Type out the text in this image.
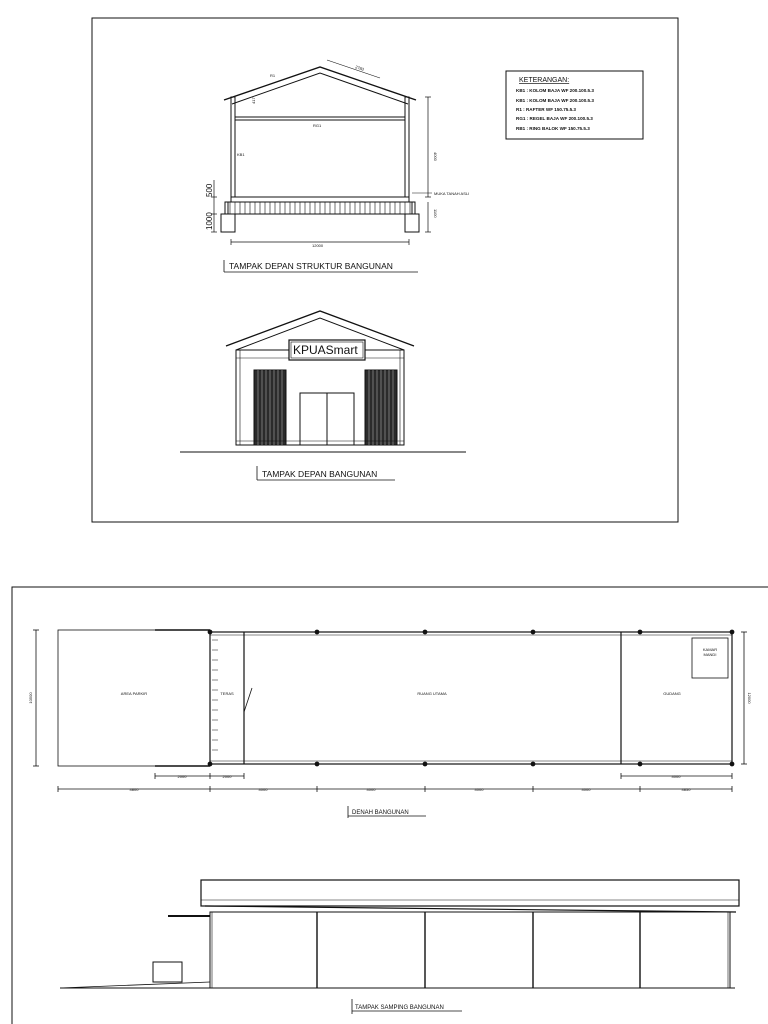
R1
2783
417
RG1
KB1	4000
MUKA TANAH ASLI
1100
500
1000
12000
TAMPAK DEPAN STRUKTUR BANGUNAN
KETERANGAN:
KB1 : KOLOM BAJA WF 200.100.5.3
KB1 : KOLOM BAJA WF 200.100.5.3
R1 : RAFTER WF 150.75.5.3
RG1 : REGEL BAJA WF 200.100.5.3
RB1 : RING BALOK WF 150.75.5.3
KPUASmart
TAMPAK DEPAN BANGUNAN
AREA PARKIR	TERAS	RUANG UTAMA	GUDANG
KAMAR
MANDI
4800	4000	4000	4000	4000	4850
2000	2000	4000
10500	12000
DENAH BANGUNAN
TAMPAK SAMPING BANGUNAN
